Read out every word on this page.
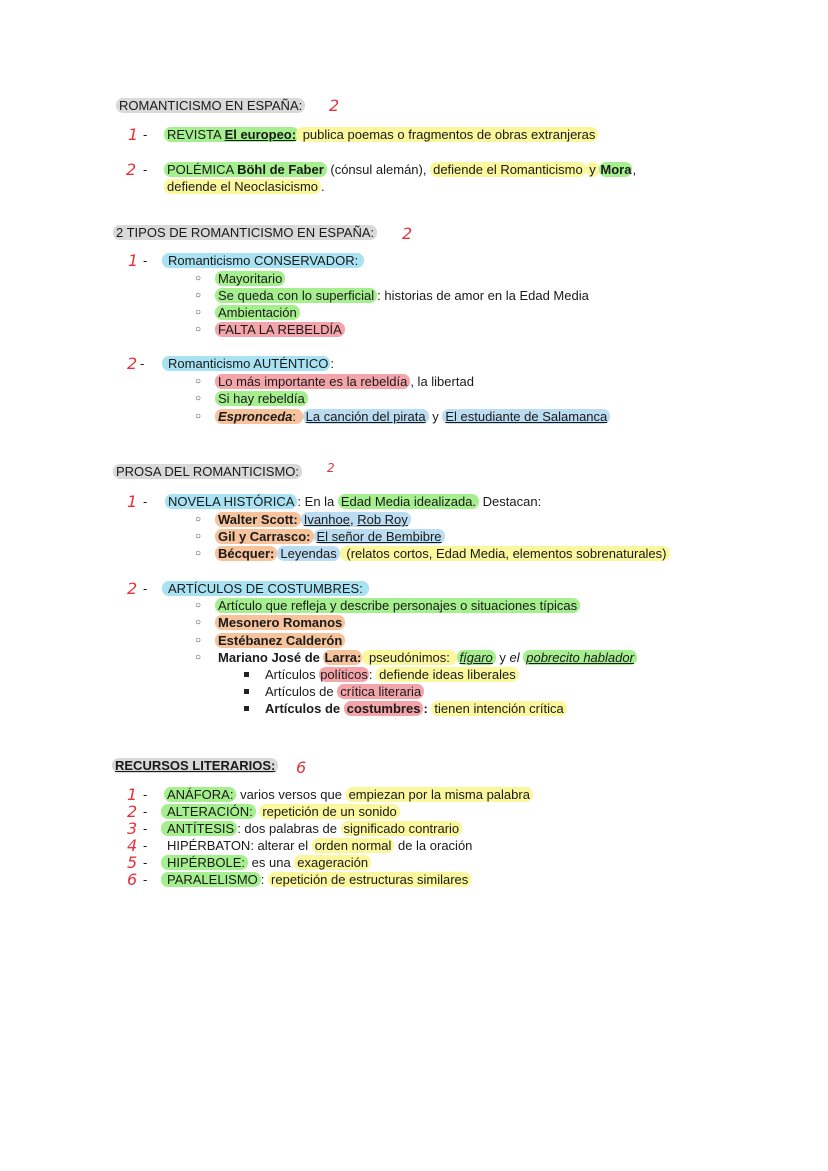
ROMANTICISMO EN ESPAÑA: 2
1 - REVISTA El europeo: publica poemas o fragmentos de obras extranjeras
2 - POLÉMICA Böhl de Faber (cónsul alemán), defiende el Romanticismo y Mora,
defiende el Neoclasicismo .
2 TIPOS DE ROMANTICISMO EN ESPAÑA: 2
1 -	Romanticismo CONSERVADOR:
○ Mayoritario
○ Se queda con lo superficial : historias de amor en la Edad Media
○ Ambientación
○ FALTA LA REBELDÍA
2 -	Romanticismo AUTÉNTICO :
○ Lo más importante es la rebeldía , la libertad
○ Si hay rebeldía
○ Espronceda: La canción del pirata y El estudiante de Salamanca
PROSA DEL ROMANTICISMO: 2
1 - NOVELA HISTÓRICA : En la Edad Media idealizada. Destacan:
○ Walter Scott: Ivanhoe, Rob Roy
○ Gil y Carrasco: El señor de Bembibre
○ Bécquer: Leyendas (relatos cortos, Edad Media, elementos sobrenaturales)
2 -	ARTÍCULOS DE COSTUMBRES:
○ Artículo que refleja y describe personajes o situaciones típicas
○ Mesonero Romanos
○ Estébanez Calderón
○ Mariano José de Larra: pseudónimos: fígaro y el pobrecito hablador
Artículos políticos: defiende ideas liberales
Artículos de crítica literaria
Artículos de costumbres : tienen intención crítica
RECURSOS LITERARIOS: 6
1 - ANÁFORA: varios versos que empiezan por la misma palabra
2 -	ALTERACIÓN: repetición de un sonido
3 -	ANTÍTESIS : dos palabras de significado contrario
4 - HIPÉRBATON: alterar el orden normal de la oración
5 -	HIPÉRBOLE: es una exageración
6 -	PARALELISMO : repetición de estructuras similares
